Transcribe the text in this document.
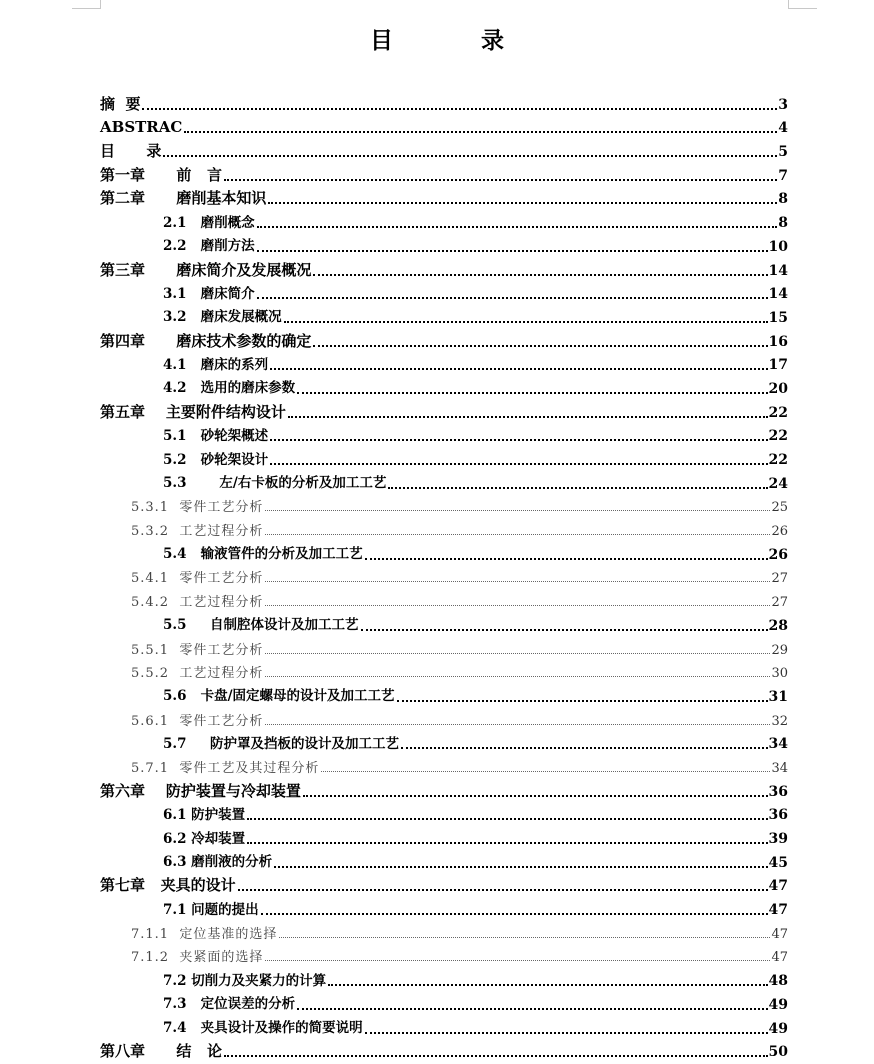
目 录
摘  要	3
ABSTRAC	4
目      录	5
第一章      前   言	7
第二章      磨削基本知识	8
2.1   磨削概念	8
2.2   磨削方法	10
第三章      磨床简介及发展概况	14
3.1   磨床简介	14
3.2   磨床发展概况	15
第四章      磨床技术参数的确定	16
4.1   磨床的系列	17
4.2   选用的磨床参数	20
第五章    主要附件结构设计	22
5.1   砂轮架概述	22
5.2   砂轮架设计	22
5.3       左/右卡板的分析及加工工艺	24
5.3.1  零件工艺分析	25
5.3.2  工艺过程分析	26
5.4   输液管件的分析及加工工艺	26
5.4.1  零件工艺分析	27
5.4.2  工艺过程分析	27
5.5     自制腔体设计及加工工艺	28
5.5.1  零件工艺分析	29
5.5.2  工艺过程分析	30
5.6   卡盘/固定螺母的设计及加工工艺	31
5.6.1  零件工艺分析	32
5.7     防护罩及挡板的设计及加工工艺	34
5.7.1  零件工艺及其过程分析	34
第六章    防护装置与冷却装置	36
6.1 防护装置	36
6.2 冷却装置	39
6.3 磨削液的分析	45
第七章   夹具的设计	47
7.1 问题的提出	47
7.1.1  定位基准的选择	47
7.1.2  夹紧面的选择	47
7.2 切削力及夹紧力的计算	48
7.3   定位误差的分析	49
7.4   夹具设计及操作的简要说明	49
第八章      结   论	50
